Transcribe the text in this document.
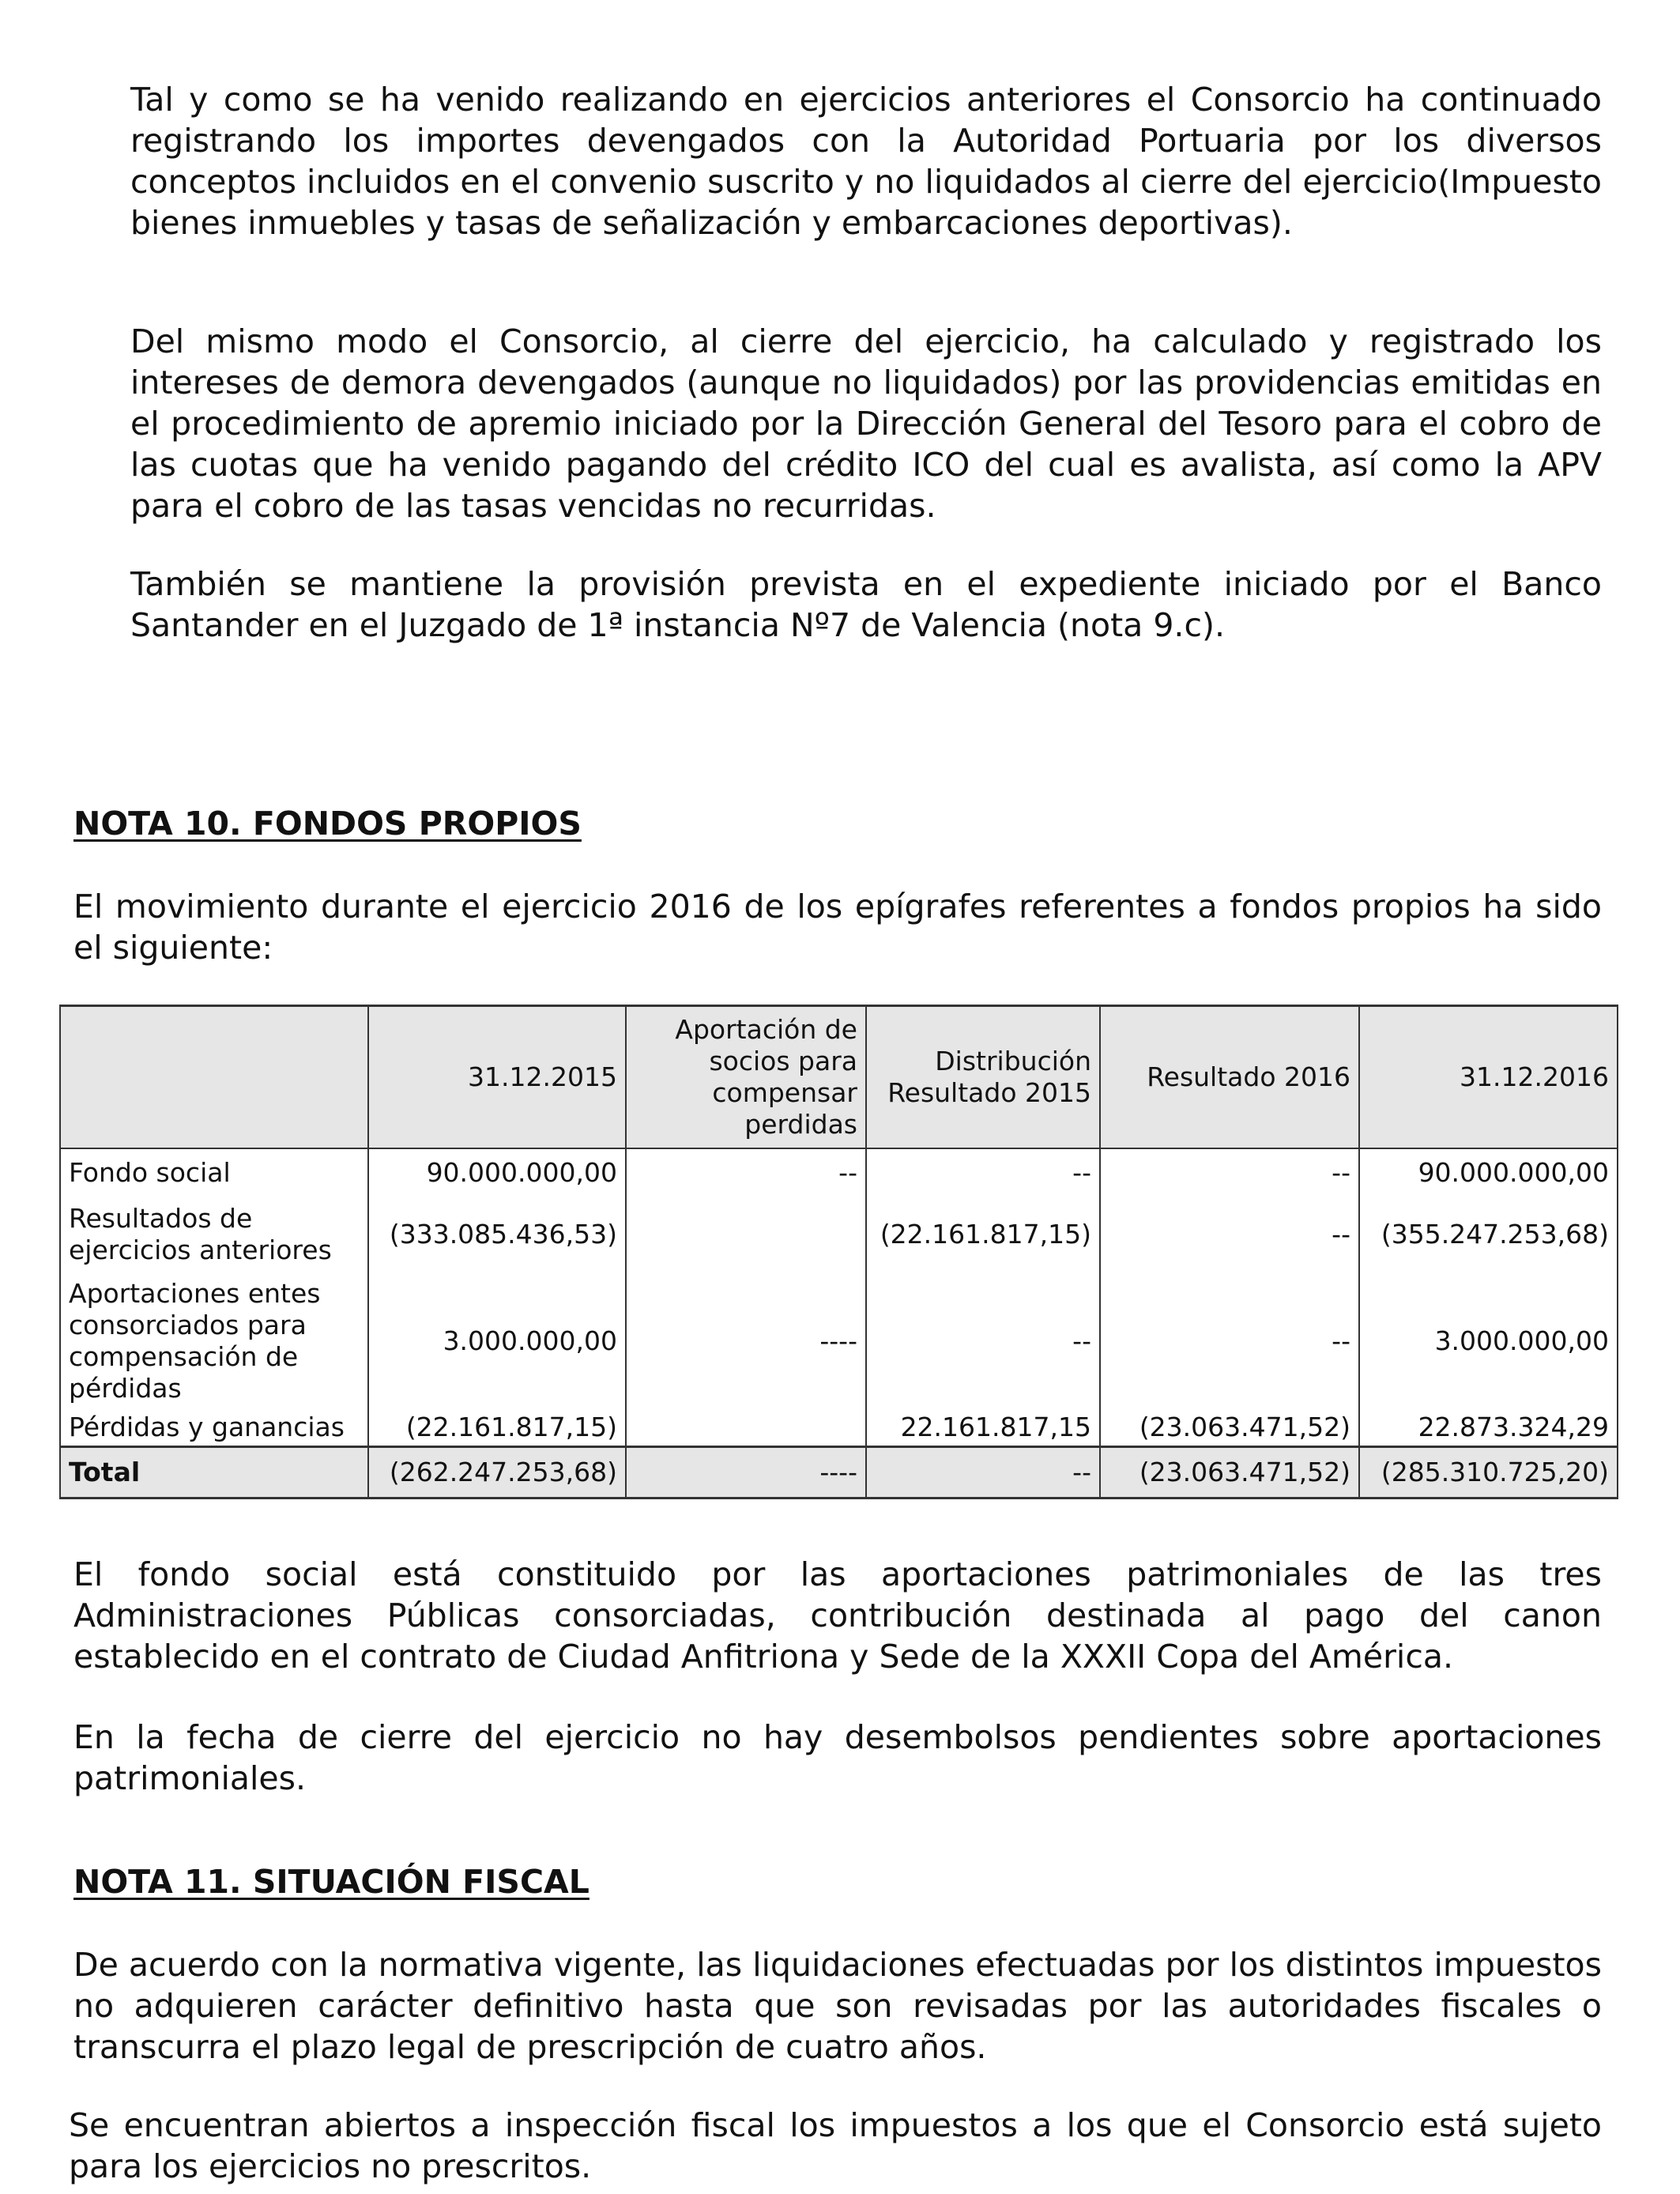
Tal y como se ha venido realizando en ejercicios anteriores el Consorcio ha continuado registrando los importes devengados con la Autoridad Portuaria por los diversos conceptos incluidos en el convenio suscrito y no liquidados al cierre del ejercicio(Impuesto bienes inmuebles y tasas de señalización y embarcaciones deportivas).

Del mismo modo el Consorcio, al cierre del ejercicio, ha calculado y registrado los intereses de demora devengados (aunque no liquidados) por las providencias emitidas en el procedimiento de apremio iniciado por la Dirección General del Tesoro para el cobro de las cuotas que ha venido pagando del crédito ICO del cual es avalista, así como la APV para el cobro de las tasas vencidas no recurridas.

También se mantiene la provisión prevista en el expediente iniciado por el Banco Santander en el Juzgado de 1ª instancia Nº7 de Valencia (nota 9.c).

NOTA 10. FONDOS PROPIOS

El movimiento durante el ejercicio 2016 de los epígrafes referentes a fondos propios ha sido el siguiente:

	31.12.2015	Aportación de socios para compensar perdidas	Distribución Resultado 2015	Resultado 2016	31.12.2016
Fondo social	90.000.000,00	--	--	--	90.000.000,00
Resultados de ejercicios anteriores	(333.085.436,53)		(22.161.817,15)	--	(355.247.253,68)
Aportaciones entes consorciados para compensación de pérdidas	3.000.000,00	----	--	--	3.000.000,00
Pérdidas y ganancias	(22.161.817,15)		22.161.817,15	(23.063.471,52)	22.873.324,29
Total	(262.247.253,68)	----	--	(23.063.471,52)	(285.310.725,20)

El fondo social está constituido por las aportaciones patrimoniales de las tres Administraciones Públicas consorciadas, contribución destinada al pago del canon establecido en el contrato de Ciudad Anfitriona y Sede de la XXXII Copa del América.

En la fecha de cierre del ejercicio no hay desembolsos pendientes sobre aportaciones patrimoniales.

NOTA 11. SITUACIÓN FISCAL

De acuerdo con la normativa vigente, las liquidaciones efectuadas por los distintos impuestos no adquieren carácter definitivo hasta que son revisadas por las autoridades fiscales o transcurra el plazo legal de prescripción de cuatro años.

Se encuentran abiertos a inspección fiscal los impuestos a los que el Consorcio está sujeto para los ejercicios no prescritos.
